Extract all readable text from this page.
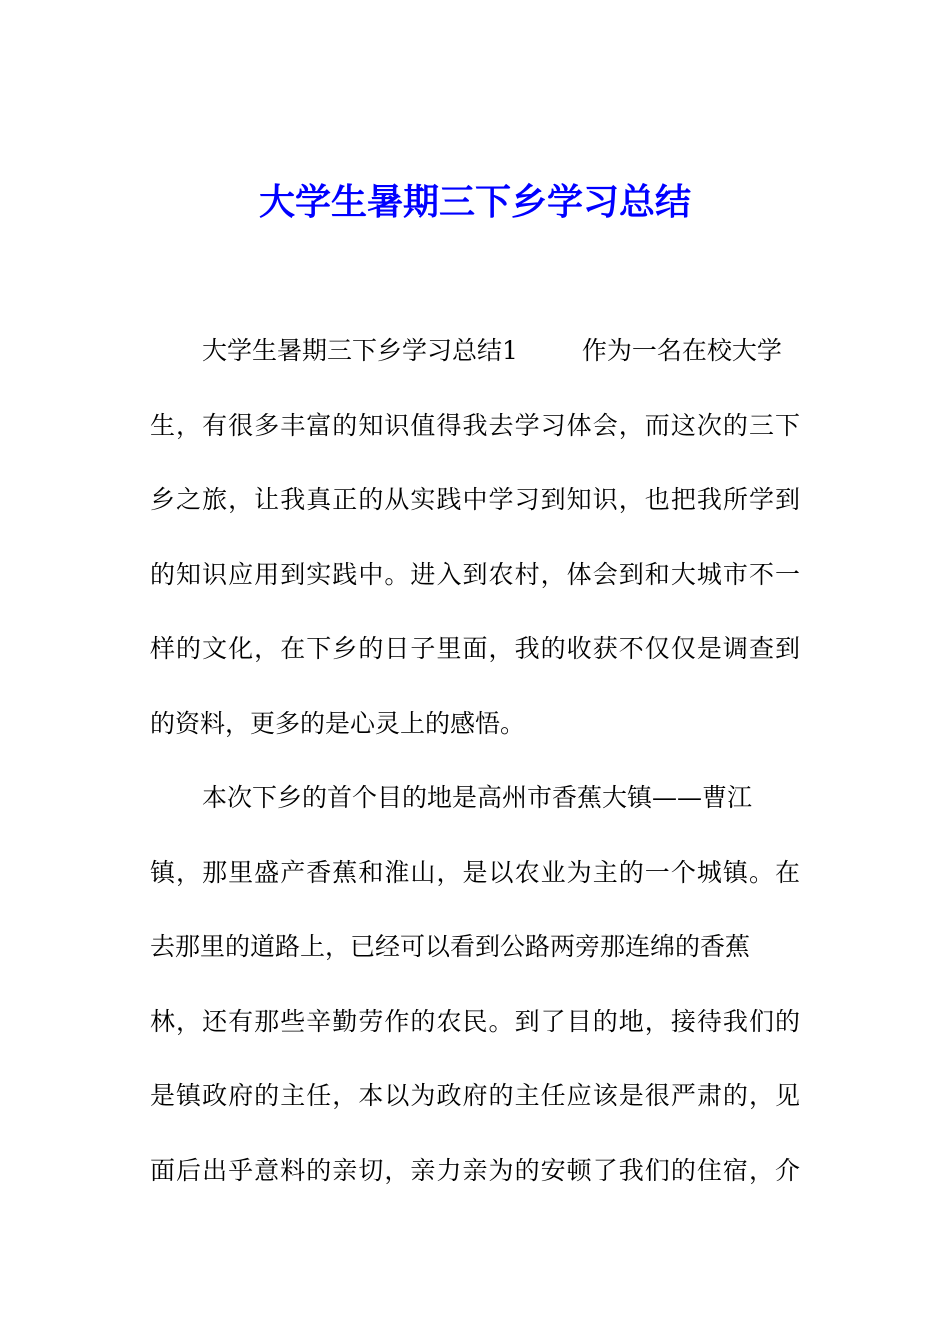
大学生暑期三下乡学习总结

大学生暑期三下乡学习总结1	作为一名在校大学

生，有很多丰富的知识值得我去学习体会，而这次的三下

乡之旅，让我真正的从实践中学习到知识，也把我所学到

的知识应用到实践中。进入到农村，体会到和大城市不一

样的文化，在下乡的日子里面，我的收获不仅仅是调查到

的资料，更多的是心灵上的感悟。

本次下乡的首个目的地是高州市香蕉大镇——曹江

镇，那里盛产香蕉和淮山，是以农业为主的一个城镇。在

去那里的道路上，已经可以看到公路两旁那连绵的香蕉

林，还有那些辛勤劳作的农民。到了目的地，接待我们的

是镇政府的主任，本以为政府的主任应该是很严肃的，见

面后出乎意料的亲切，亲力亲为的安顿了我们的住宿，介
